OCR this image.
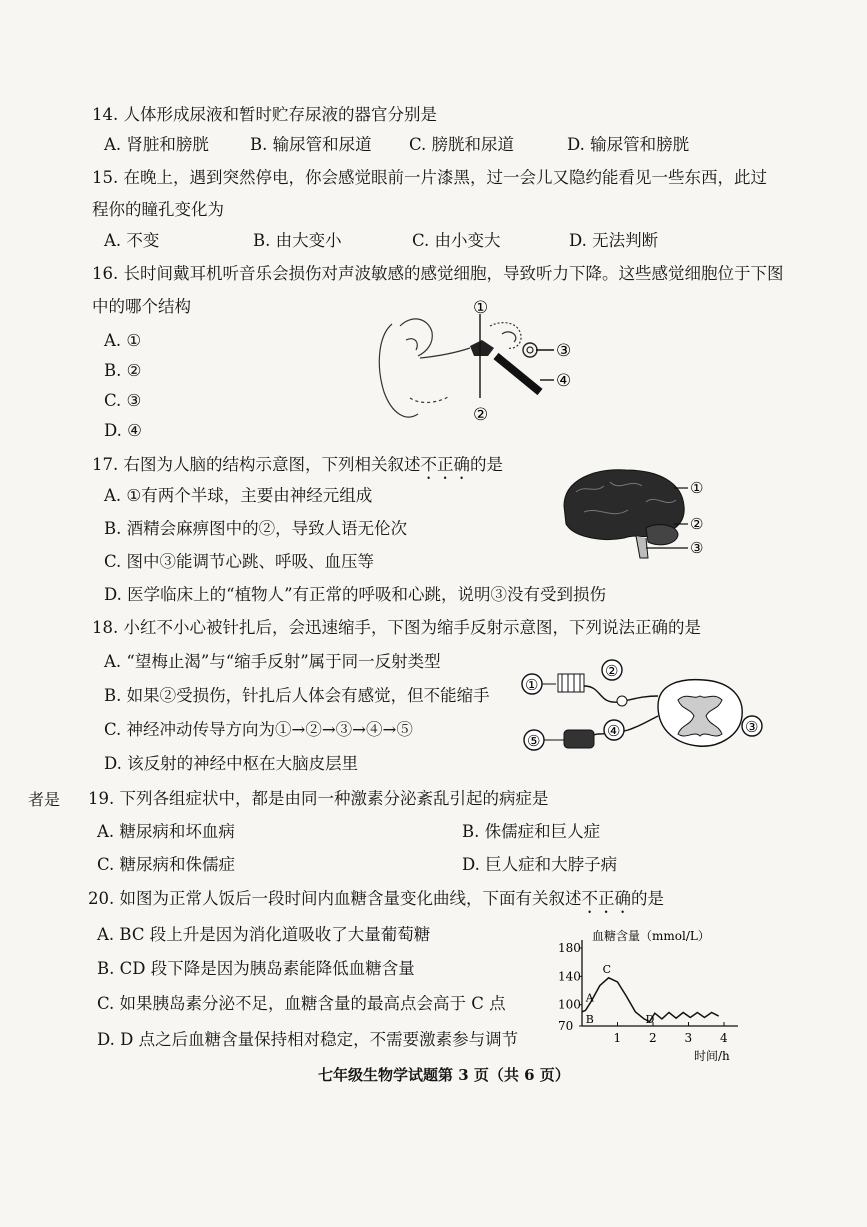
者是
14. 人体形成尿液和暂时贮存尿液的器官分别是
A. 肾脏和膀胱 B. 输尿管和尿道 C. 膀胱和尿道	D. 输尿管和膀胱
15. 在晚上，遇到突然停电，你会感觉眼前一片漆黑，过一会儿又隐约能看见一些东西，此过
程你的瞳孔变化为
A. 不变	B. 由大变小	C. 由小变大	D. 无法判断
16. 长时间戴耳机听音乐会损伤对声波敏感的感觉细胞，导致听力下降。这些感觉细胞位于下图
中的哪个结构
A. ①
B. ②
C. ③
D. ④
①
②
③
④
17. 右图为人脑的结构示意图，下列相关叙述不正确的是
A. ①有两个半球，主要由神经元组成
B. 酒精会麻痹图中的②，导致人语无伦次
C. 图中③能调节心跳、呼吸、血压等
D. 医学临床上的“植物人”有正常的呼吸和心跳，说明③没有受到损伤
①
②
③
18. 小红不小心被针扎后，会迅速缩手，下图为缩手反射示意图，下列说法正确的是
A. “望梅止渴”与“缩手反射”属于同一反射类型
B. 如果②受损伤，针扎后人体会有感觉，但不能缩手
C. 神经冲动传导方向为①→②→③→④→⑤
D. 该反射的神经中枢在大脑皮层里
①
②
③
④
⑤
19. 下列各组症状中，都是由同一种激素分泌紊乱引起的病症是
A. 糖尿病和坏血病	B. 侏儒症和巨人症
C. 糖尿病和侏儒症	D. 巨人症和大脖子病
20. 如图为正常人饭后一段时间内血糖含量变化曲线，下面有关叙述不正确的是
A. BC 段上升是因为消化道吸收了大量葡萄糖
B. CD 段下降是因为胰岛素能降低血糖含量
C. 如果胰岛素分泌不足，血糖含量的最高点会高于 C 点
D. D 点之后血糖含量保持相对稳定，不需要激素参与调节
血糖含量（mmol/L）
时间/h
70
100
140
180
1 2 3 4
A
B
C
D
七年级生物学试题第 3 页（共 6 页）
